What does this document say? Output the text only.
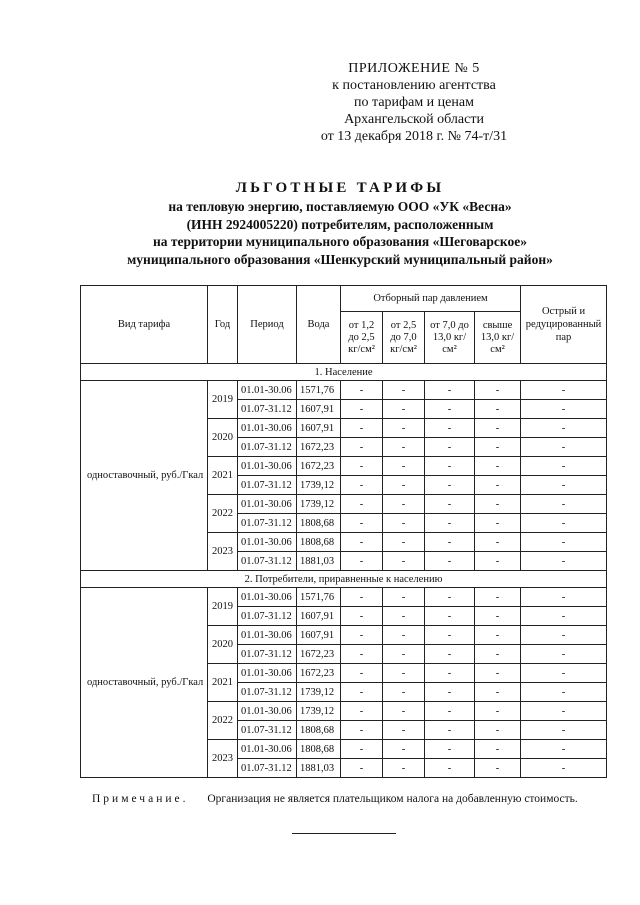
ПРИЛОЖЕНИЕ № 5
к постановлению агентства
по тарифам и ценам
Архангельской области
от 13 декабря 2018 г. № 74-т/31
ЛЬГОТНЫЕ ТАРИФЫ
на тепловую энергию, поставляемую ООО «УК «Весна»
(ИНН 2924005220) потребителям, расположенным
на территории муниципального образования «Шеговарское»
муниципального образования «Шенкурский муниципальный район»
Вид тарифа	Год	Период	Вода	Отборный пар давлением				Острый и редуцированный пар
				от 1,2 до 2,5 кг/см²	от 2,5 до 7,0 кг/см²	от 7,0 до 13,0 кг/см²	свыше 13,0 кг/см²	
1. Население								
одноставочный, руб./Гкал	2019	01.01-30.06	1571,76	-	-	-	-	-
		01.07-31.12	1607,91	-	-	-	-	-
	2020	01.01-30.06	1607,91	-	-	-	-	-
		01.07-31.12	1672,23	-	-	-	-	-
	2021	01.01-30.06	1672,23	-	-	-	-	-
		01.07-31.12	1739,12	-	-	-	-	-
	2022	01.01-30.06	1739,12	-	-	-	-	-
		01.07-31.12	1808,68	-	-	-	-	-
	2023	01.01-30.06	1808,68	-	-	-	-	-
		01.07-31.12	1881,03	-	-	-	-	-
2. Потребители, приравненные к населению								
одноставочный, руб./Гкал	2019	01.01-30.06	1571,76	-	-	-	-	-
		01.07-31.12	1607,91	-	-	-	-	-
	2020	01.01-30.06	1607,91	-	-	-	-	-
		01.07-31.12	1672,23	-	-	-	-	-
	2021	01.01-30.06	1672,23	-	-	-	-	-
		01.07-31.12	1739,12	-	-	-	-	-
	2022	01.01-30.06	1739,12	-	-	-	-	-
		01.07-31.12	1808,68	-	-	-	-	-
	2023	01.01-30.06	1808,68	-	-	-	-	-
		01.07-31.12	1881,03	-	-	-	-	-
Примечание. Организация не является плательщиком налога на добавленную стоимость.
